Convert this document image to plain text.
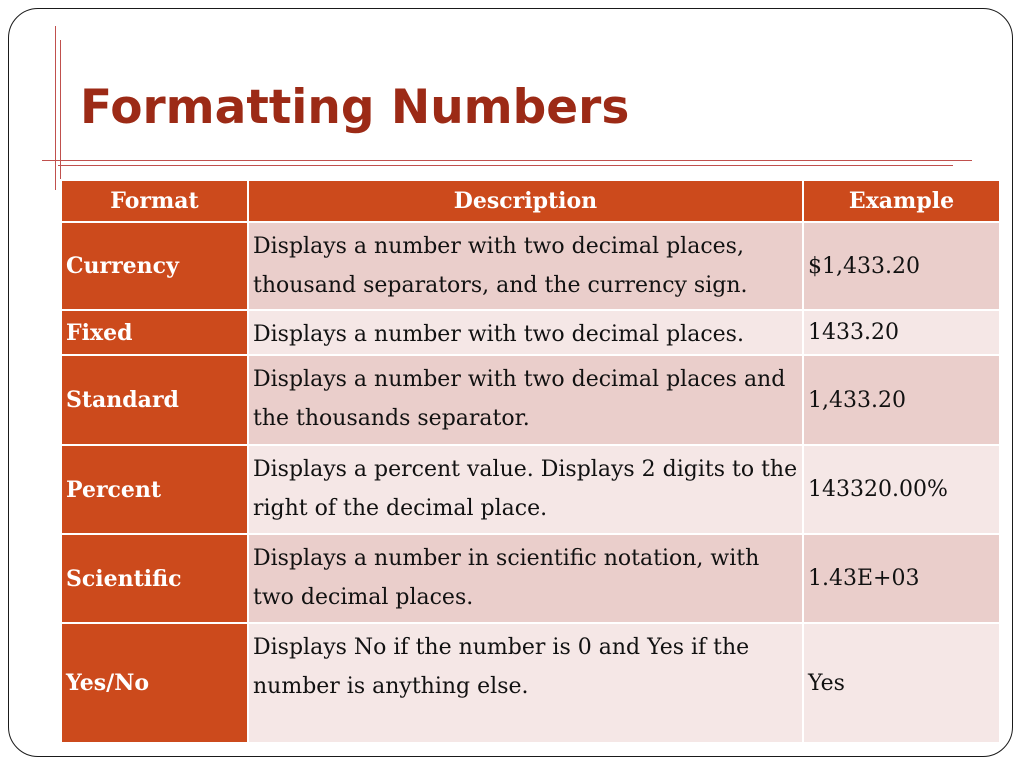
Formatting Numbers
Format	Description	Example
Currency	Displays a number with two decimal places, thousand separators, and the currency sign.	$1,433.20
Fixed	Displays a number with two decimal places.	1433.20
Standard	Displays a number with two decimal places and the thousands separator.	1,433.20
Percent	Displays a percent value. Displays 2 digits to the right of the decimal place.	143320.00%
Scientific	Displays a number in scientific notation, with two decimal places.	1.43E+03
Yes/No	Displays No if the number is 0 and Yes if the number is anything else.	Yes
